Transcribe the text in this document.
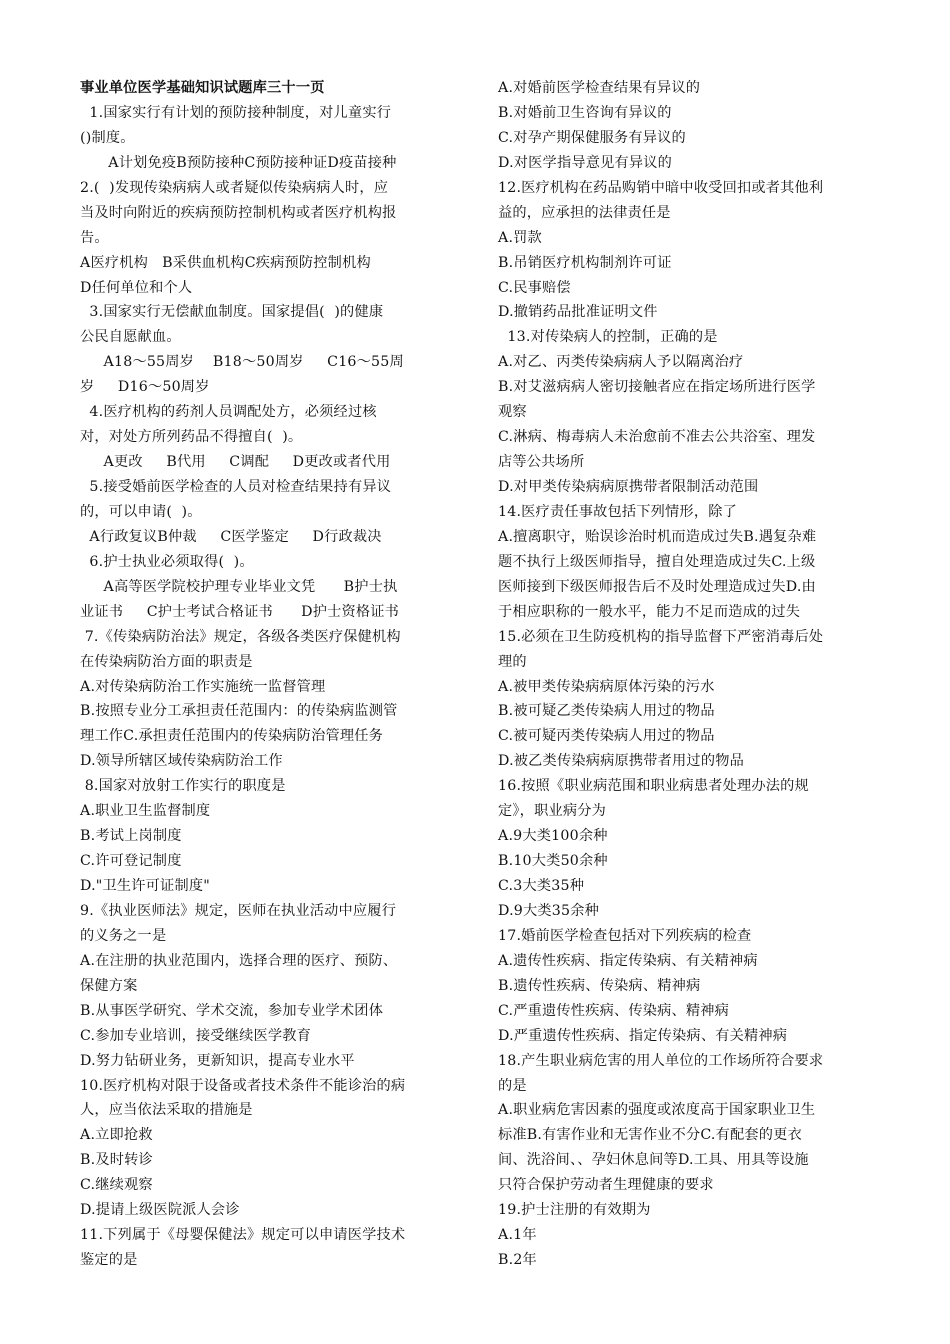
事业单位医学基础知识试题库三十一页
1.国家实行有计划的预防接种制度，对儿童实行
()制度。
A计划免疫B预防接种C预防接种证D疫苗接种
2.(  )发现传染病病人或者疑似传染病病人时，应
当及时向附近的疾病预防控制机构或者医疗机构报
告。
A医疗机构   B采供血机构C疾病预防控制机构
D任何单位和个人
3.国家实行无偿献血制度。国家提倡(  )的健康
公民自愿献血。
A18～55周岁    B18～50周岁     C16～55周
岁     D16～50周岁
4.医疗机构的药剂人员调配处方，必须经过核
对，对处方所列药品不得擅自(  )。
A更改     B代用     C调配     D更改或者代用
5.接受婚前医学检查的人员对检查结果持有异议
的，可以申请(  )。
A行政复议B仲裁     C医学鉴定     D行政裁决
6.护士执业必须取得(  )。
A高等医学院校护理专业毕业文凭      B护士执
业证书     C护士考试合格证书      D护士资格证书
7.《传染病防治法》规定，各级各类医疗保健机构
在传染病防治方面的职责是
A.对传染病防治工作实施统一监督管理
B.按照专业分工承担责任范围内：的传染病监测管
理工作C.承担责任范围内的传染病防治管理任务
D.领导所辖区域传染病防治工作
8.国家对放射工作实行的职度是
A.职业卫生监督制度
B.考试上岗制度
C.许可登记制度
D."卫生许可证制度"
9.《执业医师法》规定，医师在执业活动中应履行
的义务之一是
A.在注册的执业范围内，选择合理的医疗、预防、
保健方案
B.从事医学研究、学术交流，参加专业学术团体
C.参加专业培训，接受继续医学教育
D.努力钻研业务，更新知识，提高专业水平
10.医疗机构对限于设备或者技术条件不能诊治的病
人，应当依法采取的措施是
A.立即抢救
B.及时转诊
C.继续观察
D.提请上级医院派人会诊
11.下列属于《母婴保健法》规定可以申请医学技术
鉴定的是
A.对婚前医学检查结果有异议的
B.对婚前卫生咨询有异议的
C.对孕产期保健服务有异议的
D.对医学指导意见有异议的
12.医疗机构在药品购销中暗中收受回扣或者其他利
益的，应承担的法律责任是
A.罚款
B.吊销医疗机构制剂许可证
C.民事赔偿
D.撤销药品批准证明文件
13.对传染病人的控制，正确的是
A.对乙、丙类传染病病人予以隔离治疗
B.对艾滋病病人密切接触者应在指定场所进行医学
观察
C.淋病、梅毒病人未治愈前不准去公共浴室、理发
店等公共场所
D.对甲类传染病病原携带者限制活动范围
14.医疗责任事故包括下列情形，除了
A.擅离职守，贻误诊治时机而造成过失B.遇复杂难
题不执行上级医师指导，擅自处理造成过失C.上级
医师接到下级医师报告后不及时处理造成过失D.由
于相应职称的一般水平，能力不足而造成的过失
15.必须在卫生防疫机构的指导监督下严密消毒后处
理的
A.被甲类传染病病原体污染的污水
B.被可疑乙类传染病人用过的物品
C.被可疑丙类传染病人用过的物品
D.被乙类传染病病原携带者用过的物品
16.按照《职业病范围和职业病患者处理办法的规
定》，职业病分为
A.9大类100余种
B.10大类50余种
C.3大类35种
D.9大类35余种
17.婚前医学检查包括对下列疾病的检查
A.遗传性疾病、指定传染病、有关精神病
B.遗传性疾病、传染病、精神病
C.严重遗传性疾病、传染病、精神病
D.严重遗传性疾病、指定传染病、有关精神病
18.产生职业病危害的用人单位的工作场所符合要求
的是
A.职业病危害因素的强度或浓度高于国家职业卫生
标准B.有害作业和无害作业不分C.有配套的更衣
间、洗浴间、、孕妇休息间等D.工具、用具等设施
只符合保护劳动者生理健康的要求
19.护士注册的有效期为
A.1年
B.2年
